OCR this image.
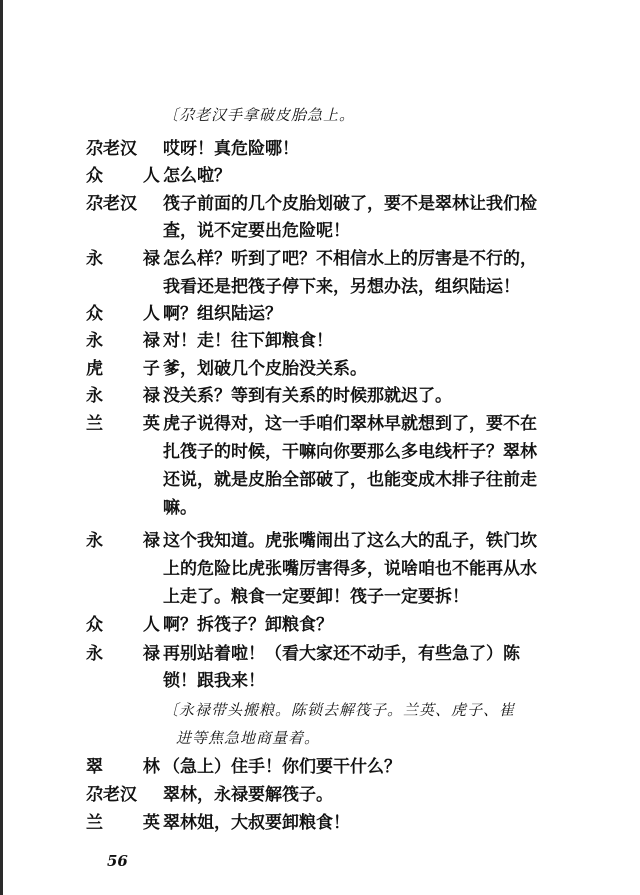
〔尕老汉手拿破皮胎急上。
尕老汉 哎呀！真危险哪！
众 人
怎么啦？
尕老汉 筏子前面的几个皮胎划破了，要不是翠林让我们检
查，说不定要出危险呢！
永 禄
怎么样？听到了吧？不相信水上的厉害是不行的，
我看还是把筏子停下来，另想办法，组织陆运！
众 人
啊？组织陆运？
永 禄
对！走！往下卸粮食！
虎 子
爹，划破几个皮胎没关系。
永 禄
没关系？等到有关系的时候那就迟了。
兰 英
虎子说得对，这一手咱们翠林早就想到了，要不在
扎筏子的时候，干嘛向你要那么多电线杆子？翠林
还说，就是皮胎全部破了，也能变成木排子往前走
嘛。
永 禄
这个我知道。虎张嘴闹出了这么大的乱子，铁门坎
上的危险比虎张嘴厉害得多，说啥咱也不能再从水
上走了。粮食一定要卸！筏子一定要拆！
众 人
啊？拆筏子？卸粮食？
永 禄
再别站着啦！（看大家还不动手，有些急了）陈
锁！跟我来！
〔永禄带头搬粮。陈锁去解筏子。兰英、虎子、崔
进等焦急地商量着。
翠 林
（急上）住手！你们要干什么？
尕老汉 翠林，永禄要解筏子。
兰 英
翠林姐，大叔要卸粮食！
56
